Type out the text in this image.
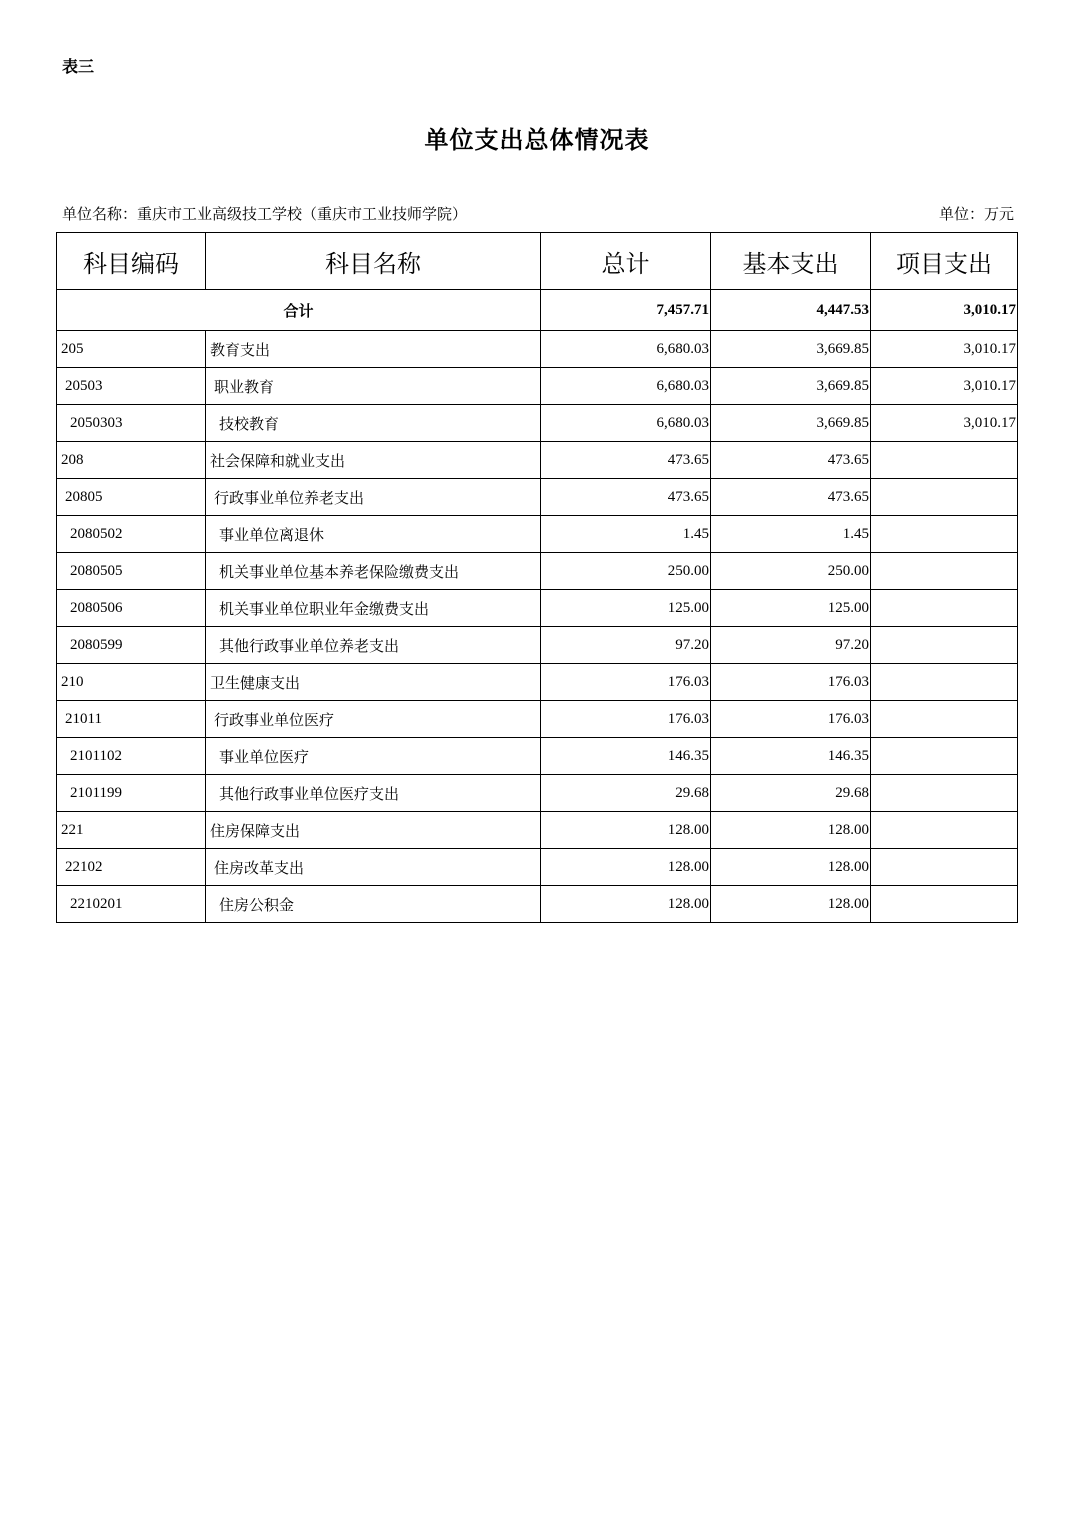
表三
单位支出总体情况表
单位名称：重庆市工业高级技工学校（重庆市工业技师学院）	单位：万元
科目编码	科目名称	总计	基本支出	项目支出
合计		7,457.71	4,447.53	3,010.17
205	教育支出	6,680.03	3,669.85	3,010.17
20503	职业教育	6,680.03	3,669.85	3,010.17
2050303	技校教育	6,680.03	3,669.85	3,010.17
208	社会保障和就业支出	473.65	473.65	
20805	行政事业单位养老支出	473.65	473.65	
2080502	事业单位离退休	1.45	1.45	
2080505	机关事业单位基本养老保险缴费支出	250.00	250.00	
2080506	机关事业单位职业年金缴费支出	125.00	125.00	
2080599	其他行政事业单位养老支出	97.20	97.20	
210	卫生健康支出	176.03	176.03	
21011	行政事业单位医疗	176.03	176.03	
2101102	事业单位医疗	146.35	146.35	
2101199	其他行政事业单位医疗支出	29.68	29.68	
221	住房保障支出	128.00	128.00	
22102	住房改革支出	128.00	128.00	
2210201	住房公积金	128.00	128.00	
